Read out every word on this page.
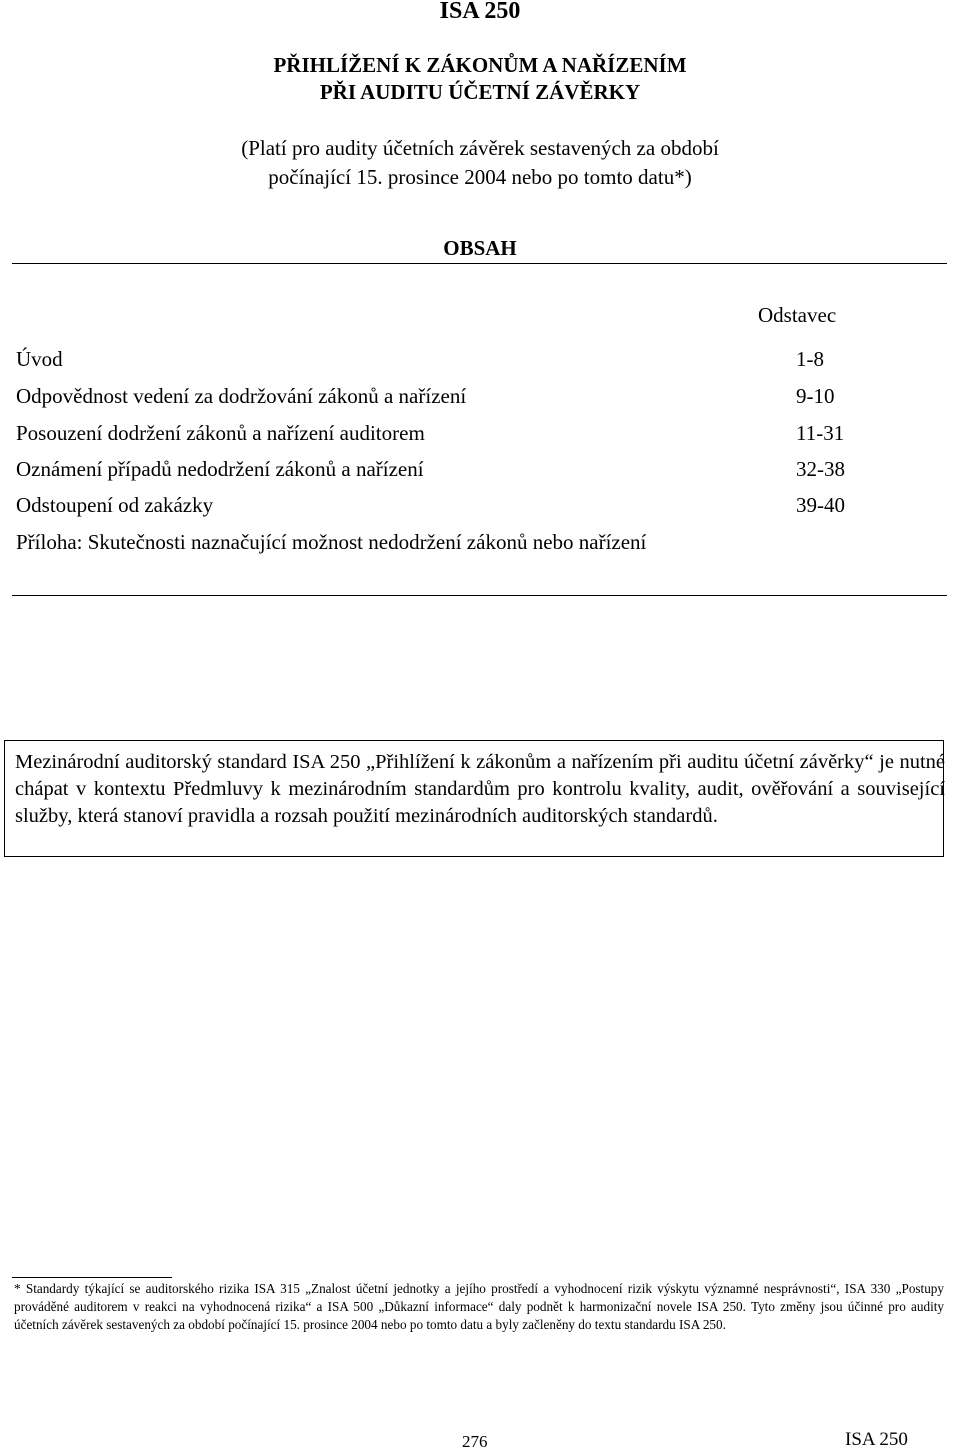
ISA 250
PŘIHLÍŽENÍ K ZÁKONŮM A NAŘÍZENÍM
PŘI AUDITU ÚČETNÍ ZÁVĚRKY
(Platí pro audity účetních závěrek sestavených za období
počínající 15. prosince 2004 nebo po tomto datu*)
OBSAH
Odstavec
Úvod	1-8
Odpovědnost vedení za dodržování zákonů a nařízení	9-10
Posouzení dodržení zákonů a nařízení auditorem	11-31
Oznámení případů nedodržení zákonů a nařízení	32-38
Odstoupení od zakázky	39-40
Příloha: Skutečnosti naznačující možnost nedodržení zákonů nebo nařízení
Mezinárodní auditorský standard ISA 250 „Přihlížení k zákonům a nařízením při auditu účetní závěrky“ je nutné chápat v kontextu Předmluvy k mezinárodním standardům pro kontrolu kvality, audit, ověřování a související služby, která stanoví pravidla a rozsah použití mezinárodních auditorských standardů.
* Standardy týkající se auditorského rizika ISA 315 „Znalost účetní jednotky a jejího prostředí a vyhodnocení rizik výskytu významné nesprávnosti“, ISA 330 „Postupy prováděné auditorem v reakci na vyhodnocená rizika“ a ISA 500 „Důkazní informace“ daly podnět k harmonizační novele ISA 250. Tyto změny jsou účinné pro audity účetních závěrek sestavených za období počínající 15. prosince 2004 nebo po tomto datu a byly začleněny do textu standardu ISA 250.
276	ISA 250
